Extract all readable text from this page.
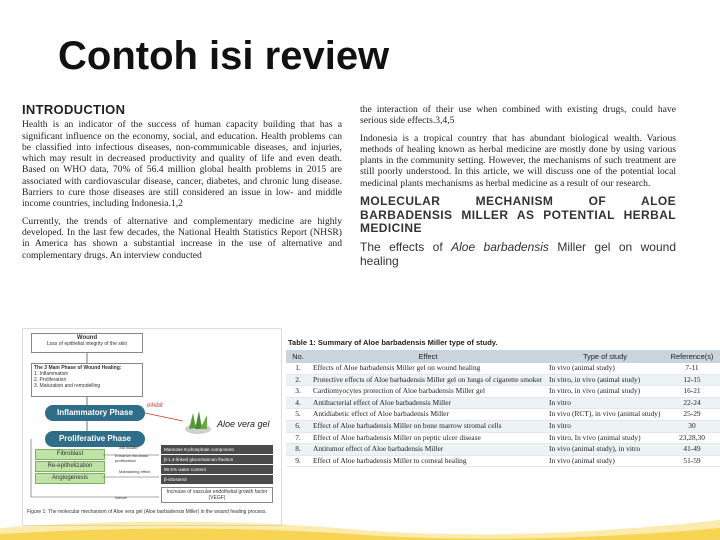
Contoh isi review
INTRODUCTION

Health is an indicator of the success of human capacity building that has a significant influence on the economy, social, and education. Health problems can be classified into infectious diseases, non-communicable diseases, and injuries, which may result in decreased productivity and quality of life and even death. Based on WHO data, 70% of 56.4 million global health problems in 2015 are associated with cardiovascular disease, cancer, diabetes, and chronic lung disease. Barriers to cure those diseases are still considered an issue in low- and middle income countries, including Indonesia.1,2

Currently, the trends of alternative and complementary medicine are highly developed. In the last few decades, the National Health Statistics Report (NHSR) in America has shown a substantial increase in the use of alternative and complementary drugs. An interview conducted

the interaction of their use when combined with existing drugs, could have serious side effects.3,4,5

Indonesia is a tropical country that has abundant biological wealth. Various methods of healing known as herbal medicine are mostly done by using various plants in the community setting. However, the mechanisms of such treatment are still poorly understood. In this article, we will discuss one of the potential local medicinal plants mechanisms as herbal medicine as a result of our research.

MOLECULAR MECHANISM OF ALOE BARBADENSIS MILLER AS POTENTIAL HERBAL MEDICINE
The effects of Aloe barbadensis Miller gel on wound healing
Wound
Loss of epithelial integrity of the skin
The 3 Main Phase of Wound Healing:
1. Inflammation
2. Proliferation
3. Maturation and remodelling
Inflammatory Phase
inhibit
Aloe vera gel
Proliferative Phase
Fibroblast
Re-epithelization
Angiogenesis
Stimulate
Enhance fibroblast proliferation
Maintaining effect
Mannose 6-phosphate component
β-1,4-linked glucomannan fraction
99.5% water content
β-sitosterol
Increase of vascular endothelial growth factor (VEGF)
induce
Figure 1: The molecular mechanism of Aloe vera gel (Aloe barbadensis Miller) in the wound healing process.
Table 1: Summary of Aloe barbadensis Miller type of study.
No.	Effect	Type of study	Reference(s)
1.	Effects of Aloe barbadensis Miller gel on wound healing	In vivo (animal study)	7-11
2.	Protective effects of Aloe barbadensis Miller gel on lungs of cigarette smoker	In vitro, in vivo (animal study)	12-15
3.	Cardiomyocytes protection of Aloe barbadensis Miller gel	In vitro, in vivo (animal study)	16-21
4.	Antibacterial effect of Aloe barbadensis Miller	In vitro	22-24
5.	Antidiabetic effect of Aloe barbadensis Miller	In vivo (RCT), in vivo (animal study)	25-29
6.	Effect of Aloe barbadensis Miller on bone marrow stromal cells	In vitro	30
7.	Effect of Aloe barbadensis Miller on peptic ulcer disease	In vitro, In vivo (animal study)	23,28,30
8.	Antitumor effect of Aloe barbadensis Miller	In vivo (animal study), in vitro	41-49
9.	Effect of Aloe barbadensis Miller to corneal healing	In vivo (animal study)	51-59
